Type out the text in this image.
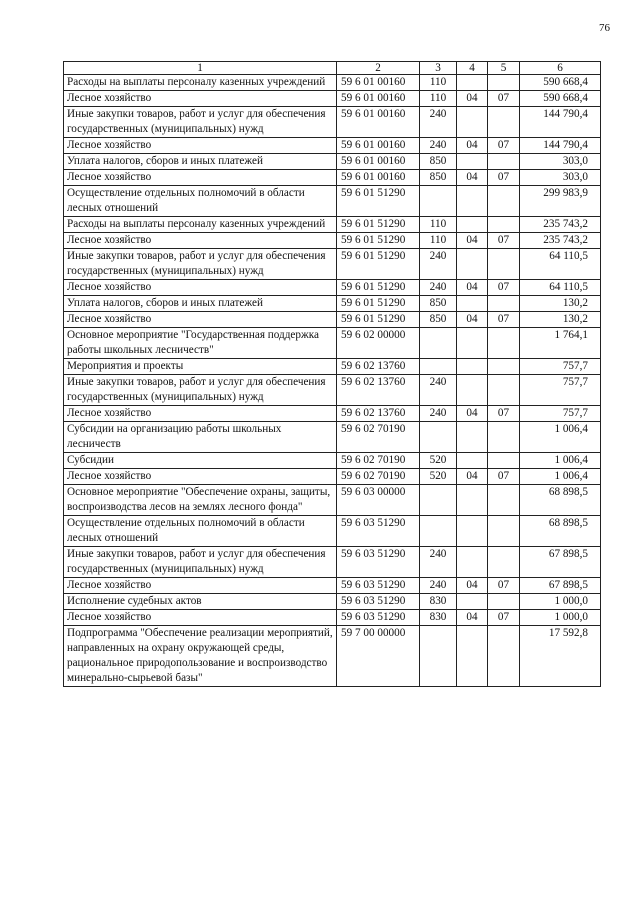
76
1	2	3	4	5	6
Расходы на выплаты персоналу казенных учреждений	59 6 01 00160	110			590 668,4
Лесное хозяйство	59 6 01 00160	110	04	07	590 668,4
Иные закупки товаров, работ и услуг для обеспечения государственных (муниципальных) нужд	59 6 01 00160	240			144 790,4
Лесное хозяйство	59 6 01 00160	240	04	07	144 790,4
Уплата налогов, сборов и иных платежей	59 6 01 00160	850			303,0
Лесное хозяйство	59 6 01 00160	850	04	07	303,0
Осуществление отдельных полномочий в области лесных отношений	59 6 01 51290				299 983,9
Расходы на выплаты персоналу казенных учреждений	59 6 01 51290	110			235 743,2
Лесное хозяйство	59 6 01 51290	110	04	07	235 743,2
Иные закупки товаров, работ и услуг для обеспечения государственных (муниципальных) нужд	59 6 01 51290	240			64 110,5
Лесное хозяйство	59 6 01 51290	240	04	07	64 110,5
Уплата налогов, сборов и иных платежей	59 6 01 51290	850			130,2
Лесное хозяйство	59 6 01 51290	850	04	07	130,2
Основное мероприятие "Государственная поддержка работы школьных лесничеств"	59 6 02 00000				1 764,1
Мероприятия и проекты	59 6 02 13760				757,7
Иные закупки товаров, работ и услуг для обеспечения государственных (муниципальных) нужд	59 6 02 13760	240			757,7
Лесное хозяйство	59 6 02 13760	240	04	07	757,7
Субсидии на организацию работы школьных лесничеств	59 6 02 70190				1 006,4
Субсидии	59 6 02 70190	520			1 006,4
Лесное хозяйство	59 6 02 70190	520	04	07	1 006,4
Основное мероприятие "Обеспечение охраны, защиты, воспроизводства лесов на землях лесного фонда"	59 6 03 00000				68 898,5
Осуществление отдельных полномочий в области лесных отношений	59 6 03 51290				68 898,5
Иные закупки товаров, работ и услуг для обеспечения государственных (муниципальных) нужд	59 6 03 51290	240			67 898,5
Лесное хозяйство	59 6 03 51290	240	04	07	67 898,5
Исполнение судебных актов	59 6 03 51290	830			1 000,0
Лесное хозяйство	59 6 03 51290	830	04	07	1 000,0
Подпрограмма "Обеспечение реализации мероприятий, направленных на охрану окружающей среды, рациональное природопользование и воспроизводство минерально-сырьевой базы"	59 7 00 00000				17 592,8
